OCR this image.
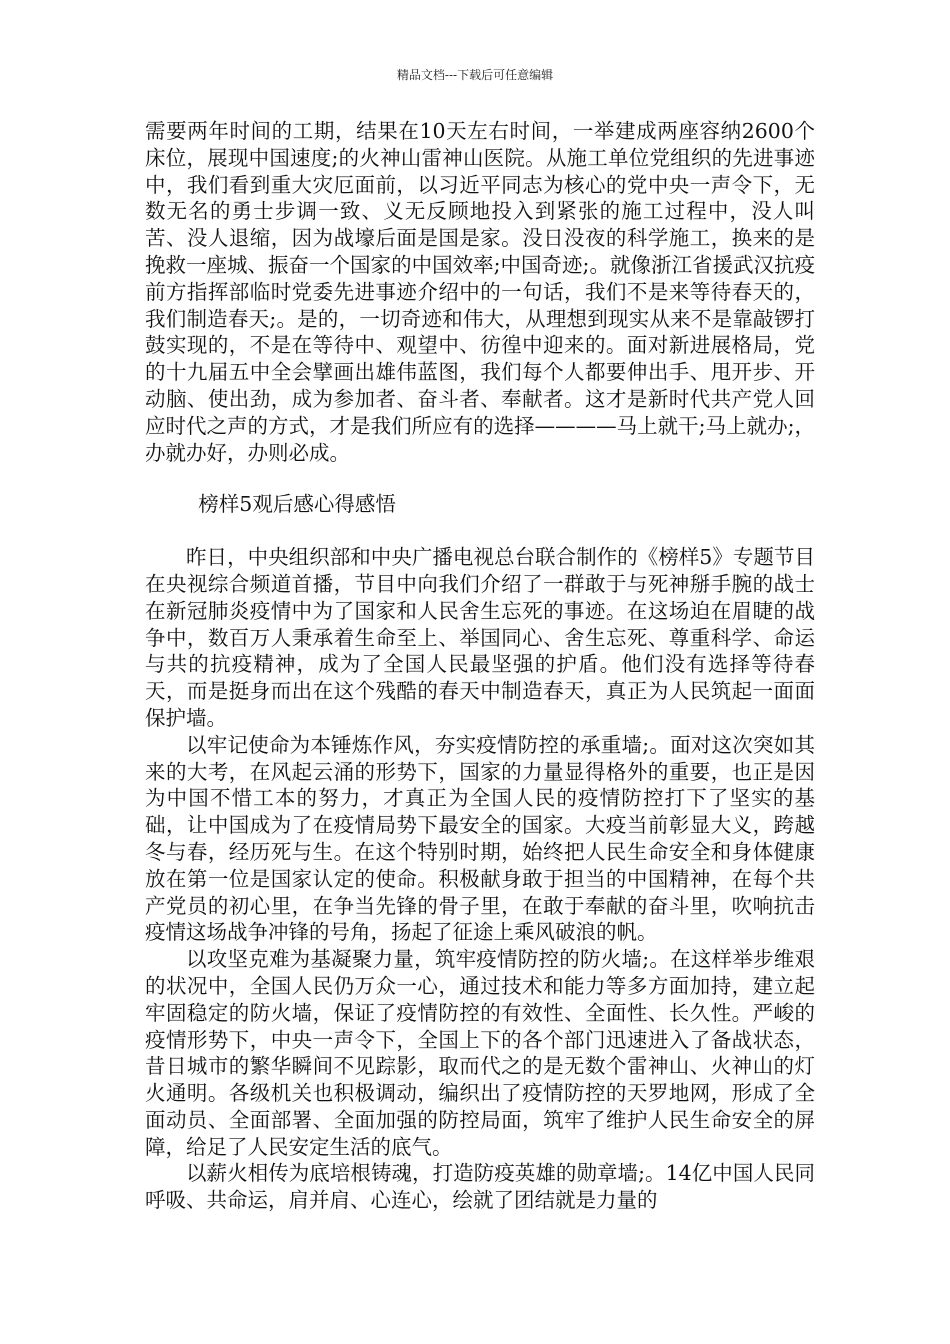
精品文档---下载后可任意编辑

需要两年时间的工期，结果在10天左右时间，一举建成两座容纳2600个床位，展现中国速度;的火神山雷神山医院。从施工单位党组织的先进事迹中，我们看到重大灾厄面前，以习近平同志为核心的党中央一声令下，无数无名的勇士步调一致、义无反顾地投入到紧张的施工过程中，没人叫苦、没人退缩，因为战壕后面是国是家。没日没夜的科学施工，换来的是挽救一座城、振奋一个国家的中国效率;中国奇迹;。就像浙江省援武汉抗疫前方指挥部临时党委先进事迹介绍中的一句话，我们不是来等待春天的，我们制造春天;。是的，一切奇迹和伟大，从理想到现实从来不是靠敲锣打鼓实现的，不是在等待中、观望中、彷徨中迎来的。面对新进展格局，党的十九届五中全会擘画出雄伟蓝图，我们每个人都要伸出手、甩开步、开动脑、使出劲，成为参加者、奋斗者、奉献者。这才是新时代共产党人回应时代之声的方式，才是我们所应有的选择————马上就干;马上就办;，办就办好，办则必成。

榜样5观后感心得感悟

昨日，中央组织部和中央广播电视总台联合制作的《榜样5》专题节目在央视综合频道首播，节目中向我们介绍了一群敢于与死神掰手腕的战士在新冠肺炎疫情中为了国家和人民舍生忘死的事迹。在这场迫在眉睫的战争中，数百万人秉承着生命至上、举国同心、舍生忘死、尊重科学、命运与共的抗疫精神，成为了全国人民最坚强的护盾。他们没有选择等待春天，而是挺身而出在这个残酷的春天中制造春天，真正为人民筑起一面面保护墙。

以牢记使命为本锤炼作风，夯实疫情防控的承重墙;。面对这次突如其来的大考，在风起云涌的形势下，国家的力量显得格外的重要，也正是因为中国不惜工本的努力，才真正为全国人民的疫情防控打下了坚实的基础，让中国成为了在疫情局势下最安全的国家。大疫当前彰显大义，跨越冬与春，经历死与生。在这个特别时期，始终把人民生命安全和身体健康放在第一位是国家认定的使命。积极献身敢于担当的中国精神，在每个共产党员的初心里，在争当先锋的骨子里，在敢于奉献的奋斗里，吹响抗击疫情这场战争冲锋的号角，扬起了征途上乘风破浪的帆。

以攻坚克难为基凝聚力量，筑牢疫情防控的防火墙;。在这样举步维艰的状况中，全国人民仍万众一心，通过技术和能力等多方面加持，建立起牢固稳定的防火墙，保证了疫情防控的有效性、全面性、长久性。严峻的疫情形势下，中央一声令下，全国上下的各个部门迅速进入了备战状态，昔日城市的繁华瞬间不见踪影，取而代之的是无数个雷神山、火神山的灯火通明。各级机关也积极调动，编织出了疫情防控的天罗地网，形成了全面动员、全面部署、全面加强的防控局面，筑牢了维护人民生命安全的屏障，给足了人民安定生活的底气。

以薪火相传为底培根铸魂，打造防疫英雄的勋章墙;。14亿中国人民同呼吸、共命运，肩并肩、心连心，绘就了团结就是力量的
